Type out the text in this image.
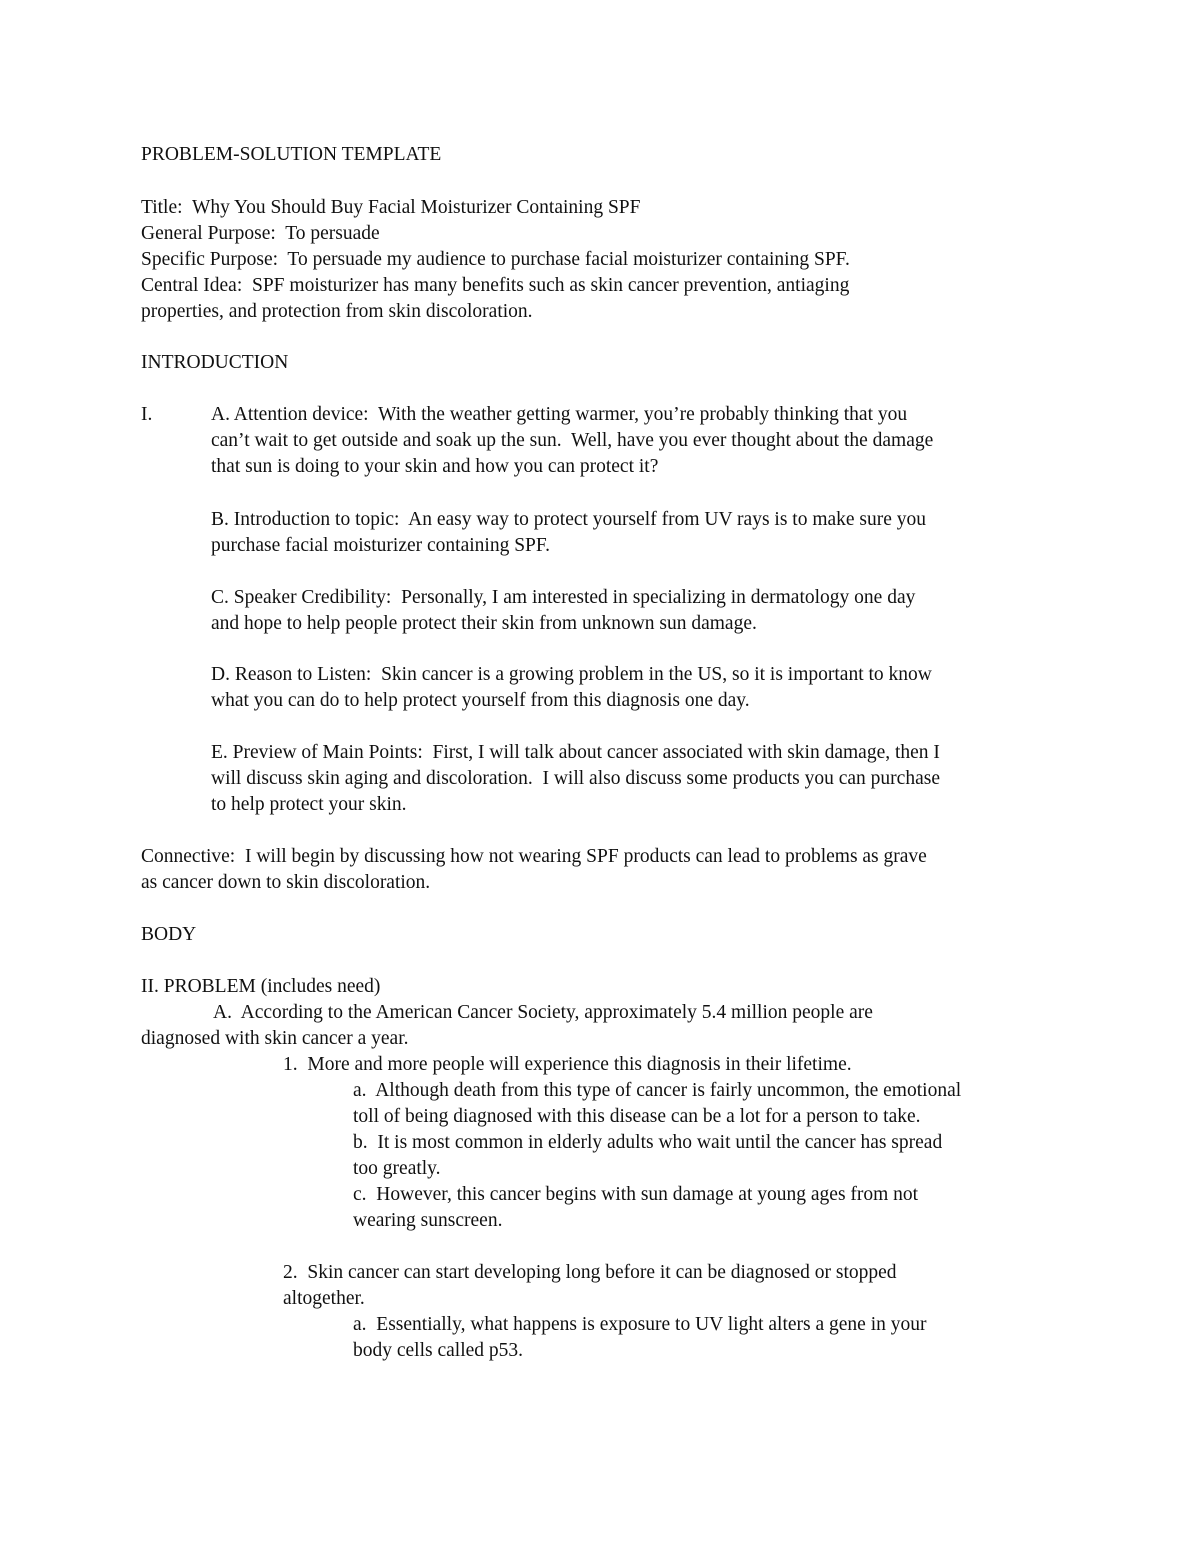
PROBLEM-SOLUTION TEMPLATE

Title:  Why You Should Buy Facial Moisturizer Containing SPF

General Purpose:  To persuade

Specific Purpose:  To persuade my audience to purchase facial moisturizer containing SPF.

Central Idea:  SPF moisturizer has many benefits such as skin cancer prevention, antiaging

properties, and protection from skin discoloration.

INTRODUCTION

I.	A. Attention device:  With the weather getting warmer, you’re probably thinking that you

can’t wait to get outside and soak up the sun.  Well, have you ever thought about the damage

that sun is doing to your skin and how you can protect it?

B. Introduction to topic:  An easy way to protect yourself from UV rays is to make sure you

purchase facial moisturizer containing SPF.

C. Speaker Credibility:  Personally, I am interested in specializing in dermatology one day

and hope to help people protect their skin from unknown sun damage.

D. Reason to Listen:  Skin cancer is a growing problem in the US, so it is important to know

what you can do to help protect yourself from this diagnosis one day.

E. Preview of Main Points:  First, I will talk about cancer associated with skin damage, then I

will discuss skin aging and discoloration.  I will also discuss some products you can purchase

to help protect your skin.

Connective:  I will begin by discussing how not wearing SPF products can lead to problems as grave

as cancer down to skin discoloration.

BODY

II. PROBLEM (includes need)

A.  According to the American Cancer Society, approximately 5.4 million people are

diagnosed with skin cancer a year.

1.  More and more people will experience this diagnosis in their lifetime.

a.  Although death from this type of cancer is fairly uncommon, the emotional

toll of being diagnosed with this disease can be a lot for a person to take.

b.  It is most common in elderly adults who wait until the cancer has spread

too greatly.

c.  However, this cancer begins with sun damage at young ages from not

wearing sunscreen.

2.  Skin cancer can start developing long before it can be diagnosed or stopped

altogether.

a.  Essentially, what happens is exposure to UV light alters a gene in your

body cells called p53.
